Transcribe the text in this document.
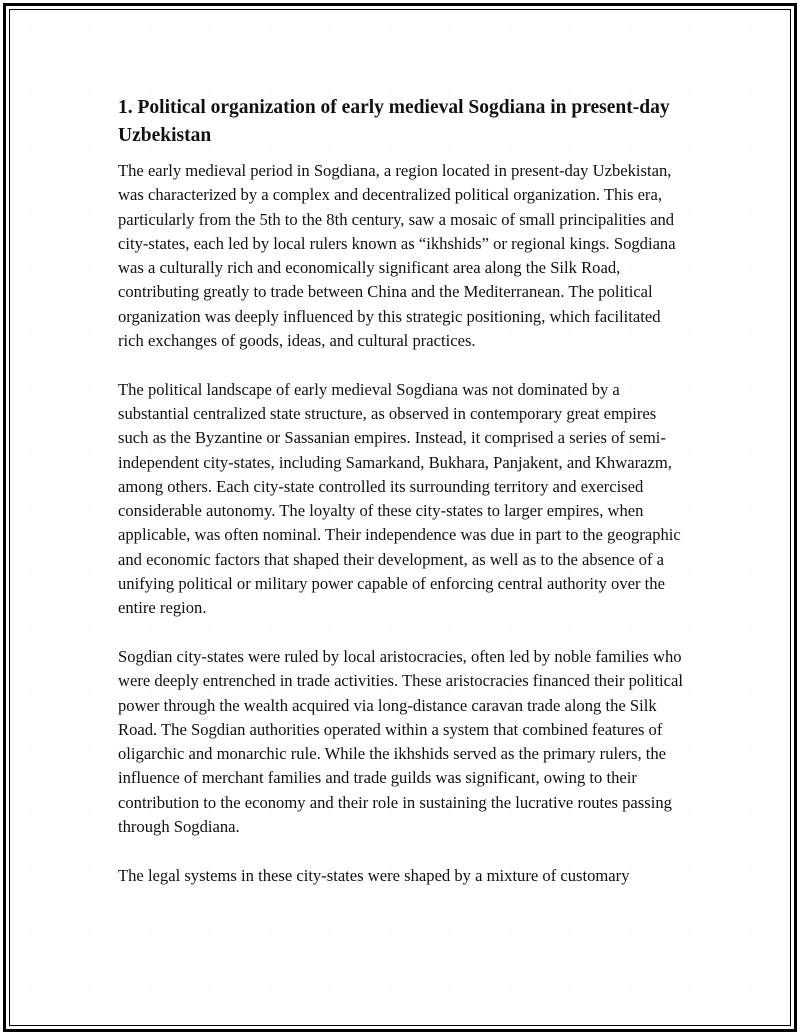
1. Political organization of early medieval Sogdiana in present-day Uzbekistan

The early medieval period in Sogdiana, a region located in present-day Uzbekistan, was characterized by a complex and decentralized political organization. This era, particularly from the 5th to the 8th century, saw a mosaic of small principalities and city-states, each led by local rulers known as “ikhshids” or regional kings. Sogdiana was a culturally rich and economically significant area along the Silk Road, contributing greatly to trade between China and the Mediterranean. The political organization was deeply influenced by this strategic positioning, which facilitated rich exchanges of goods, ideas, and cultural practices.

The political landscape of early medieval Sogdiana was not dominated by a substantial centralized state structure, as observed in contemporary great empires such as the Byzantine or Sassanian empires. Instead, it comprised a series of semi-independent city-states, including Samarkand, Bukhara, Panjakent, and Khwarazm, among others. Each city-state controlled its surrounding territory and exercised considerable autonomy. The loyalty of these city-states to larger empires, when applicable, was often nominal. Their independence was due in part to the geographic and economic factors that shaped their development, as well as to the absence of a unifying political or military power capable of enforcing central authority over the entire region.

Sogdian city-states were ruled by local aristocracies, often led by noble families who were deeply entrenched in trade activities. These aristocracies financed their political power through the wealth acquired via long-distance caravan trade along the Silk Road. The Sogdian authorities operated within a system that combined features of oligarchic and monarchic rule. While the ikhshids served as the primary rulers, the influence of merchant families and trade guilds was significant, owing to their contribution to the economy and their role in sustaining the lucrative routes passing through Sogdiana.

The legal systems in these city-states were shaped by a mixture of customary
